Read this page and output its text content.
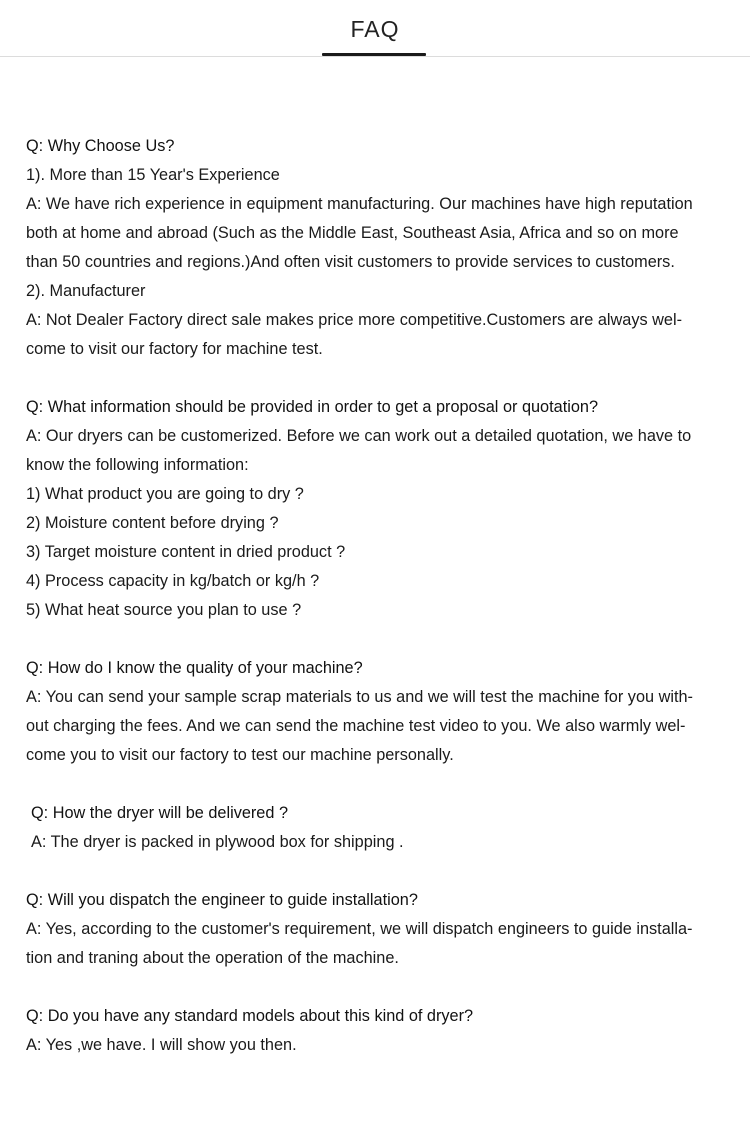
FAQ
Q: Why Choose Us?
1). More than 15 Year's Experience
A: We have rich experience in equipment manufacturing. Our machines have high reputation
both at home and abroad (Such as the Middle East, Southeast Asia, Africa and so on more
than 50 countries and regions.)And often visit customers to provide services to customers.
2). Manufacturer
A: Not Dealer Factory direct sale makes price more competitive.Customers are always wel-
come to visit our factory for machine test.
Q: What information should be provided in order to get a proposal or quotation?
A: Our dryers can be customerized. Before we can work out a detailed quotation, we have to
know the following information:
1) What product you are going to dry ?
2) Moisture content before drying ?
3) Target moisture content in dried product ?
4) Process capacity in kg/batch or kg/h ?
5) What heat source you plan to use ?
Q: How do I know the quality of your machine?
A: You can send your sample scrap materials to us and we will test the machine for you with-
out charging the fees. And we can send the machine test video to you. We also warmly wel-
come you to visit our factory to test our machine personally.
Q: How the dryer will be delivered ?
A: The dryer is packed in plywood box for shipping .
Q: Will you dispatch the engineer to guide installation?
A: Yes, according to the customer's requirement, we will dispatch engineers to guide installa-
tion and traning about the operation of the machine.
Q: Do you have any standard models about this kind of dryer?
A: Yes ,we have. I will show you then.
